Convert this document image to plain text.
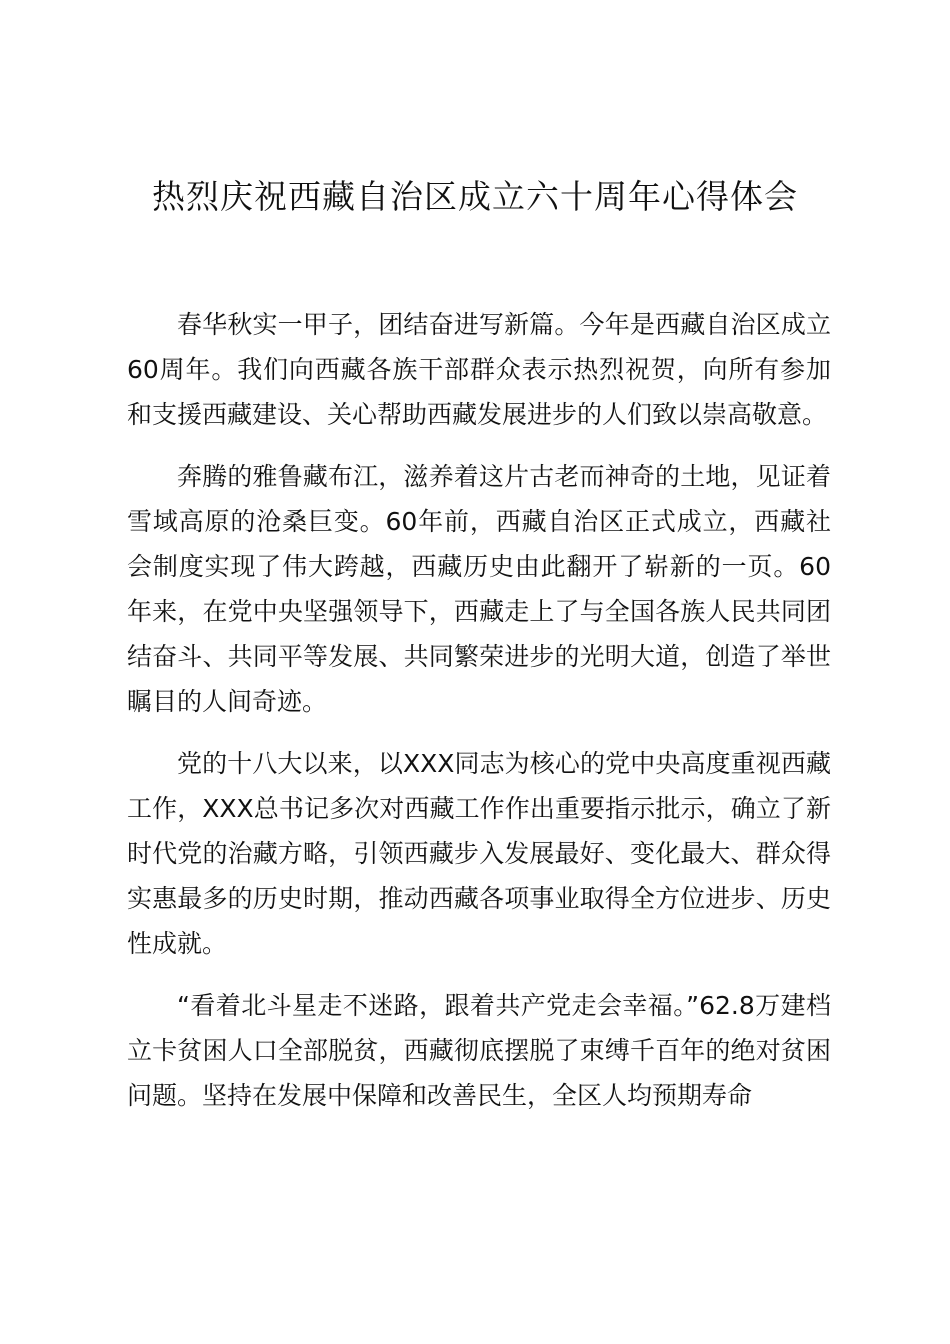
热烈庆祝西藏自治区成立六十周年心得体会

春华秋实一甲子，团结奋进写新篇。今年是西藏自治区成立60周年。我们向西藏各族干部群众表示热烈祝贺，向所有参加和支援西藏建设、关心帮助西藏发展进步的人们致以崇高敬意。

奔腾的雅鲁藏布江，滋养着这片古老而神奇的土地，见证着雪域高原的沧桑巨变。60年前，西藏自治区正式成立，西藏社会制度实现了伟大跨越，西藏历史由此翻开了崭新的一页。60年来，在党中央坚强领导下，西藏走上了与全国各族人民共同团结奋斗、共同平等发展、共同繁荣进步的光明大道，创造了举世瞩目的人间奇迹。

党的十八大以来，以XXX同志为核心的党中央高度重视西藏工作，XXX总书记多次对西藏工作作出重要指示批示，确立了新时代党的治藏方略，引领西藏步入发展最好、变化最大、群众得实惠最多的历史时期，推动西藏各项事业取得全方位进步、历史性成就。

“看着北斗星走不迷路，跟着共产党走会幸福。”62.8万建档立卡贫困人口全部脱贫，西藏彻底摆脱了束缚千百年的绝对贫困问题。坚持在发展中保障和改善民生，全区人均预期寿命
